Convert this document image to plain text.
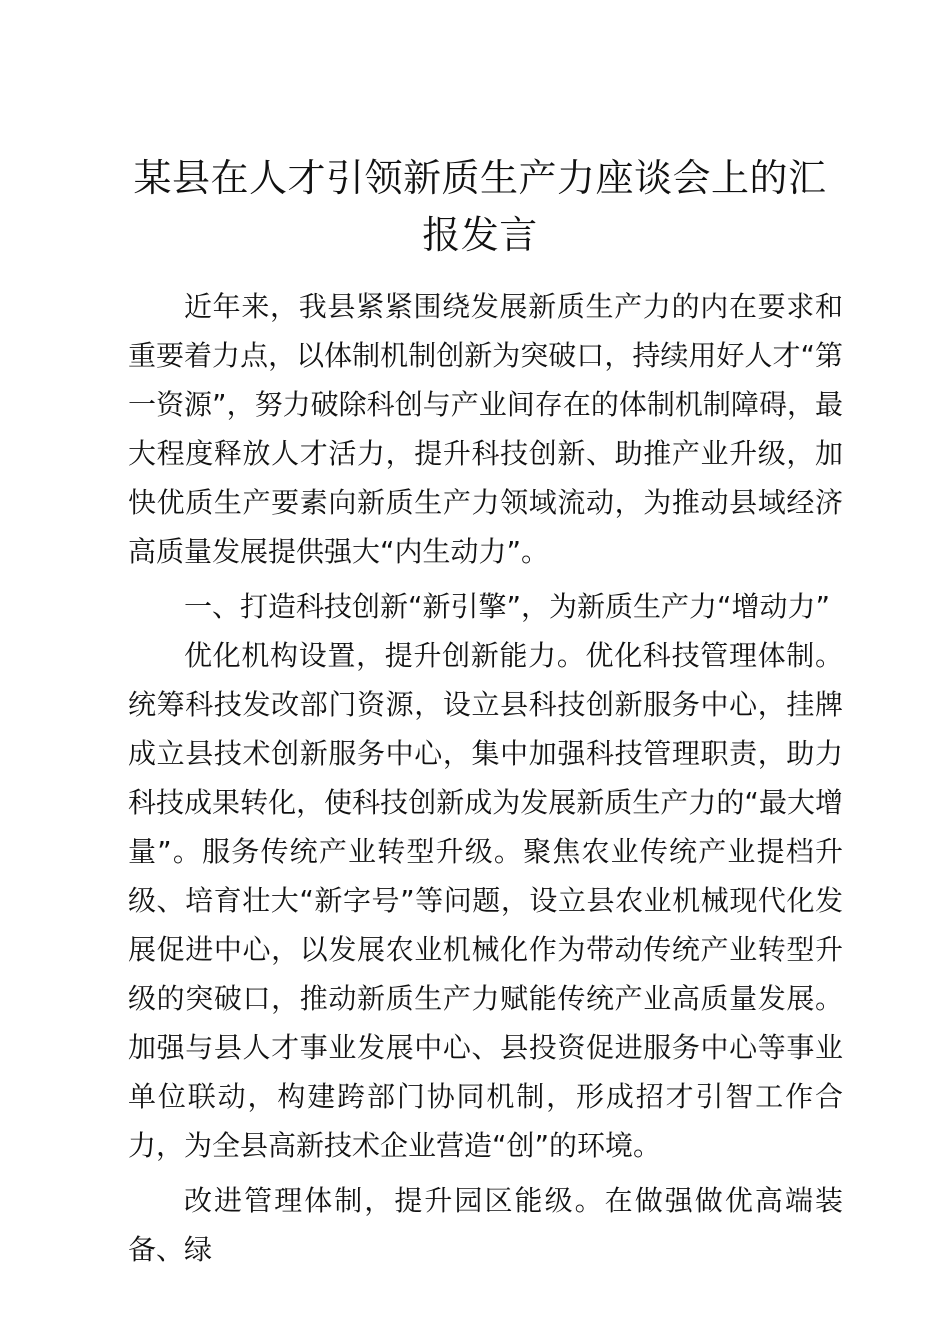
某县在人才引领新质生产力座谈会上的汇报发言

近年来，我县紧紧围绕发展新质生产力的内在要求和重要着力点，以体制机制创新为突破口，持续用好人才“第一资源”，努力破除科创与产业间存在的体制机制障碍，最大程度释放人才活力，提升科技创新、助推产业升级，加快优质生产要素向新质生产力领域流动，为推动县域经济高质量发展提供强大“内生动力”。

一、打造科技创新“新引擎”，为新质生产力“增动力”

优化机构设置，提升创新能力。优化科技管理体制。统筹科技发改部门资源，设立县科技创新服务中心，挂牌成立县技术创新服务中心，集中加强科技管理职责，助力科技成果转化，使科技创新成为发展新质生产力的“最大增量”。服务传统产业转型升级。聚焦农业传统产业提档升级、培育壮大“新字号”等问题，设立县农业机械现代化发展促进中心，以发展农业机械化作为带动传统产业转型升级的突破口，推动新质生产力赋能传统产业高质量发展。加强与县人才事业发展中心、县投资促进服务中心等事业单位联动，构建跨部门协同机制，形成招才引智工作合力，为全县高新技术企业营造“创”的环境。

改进管理体制，提升园区能级。在做强做优高端装备、绿
